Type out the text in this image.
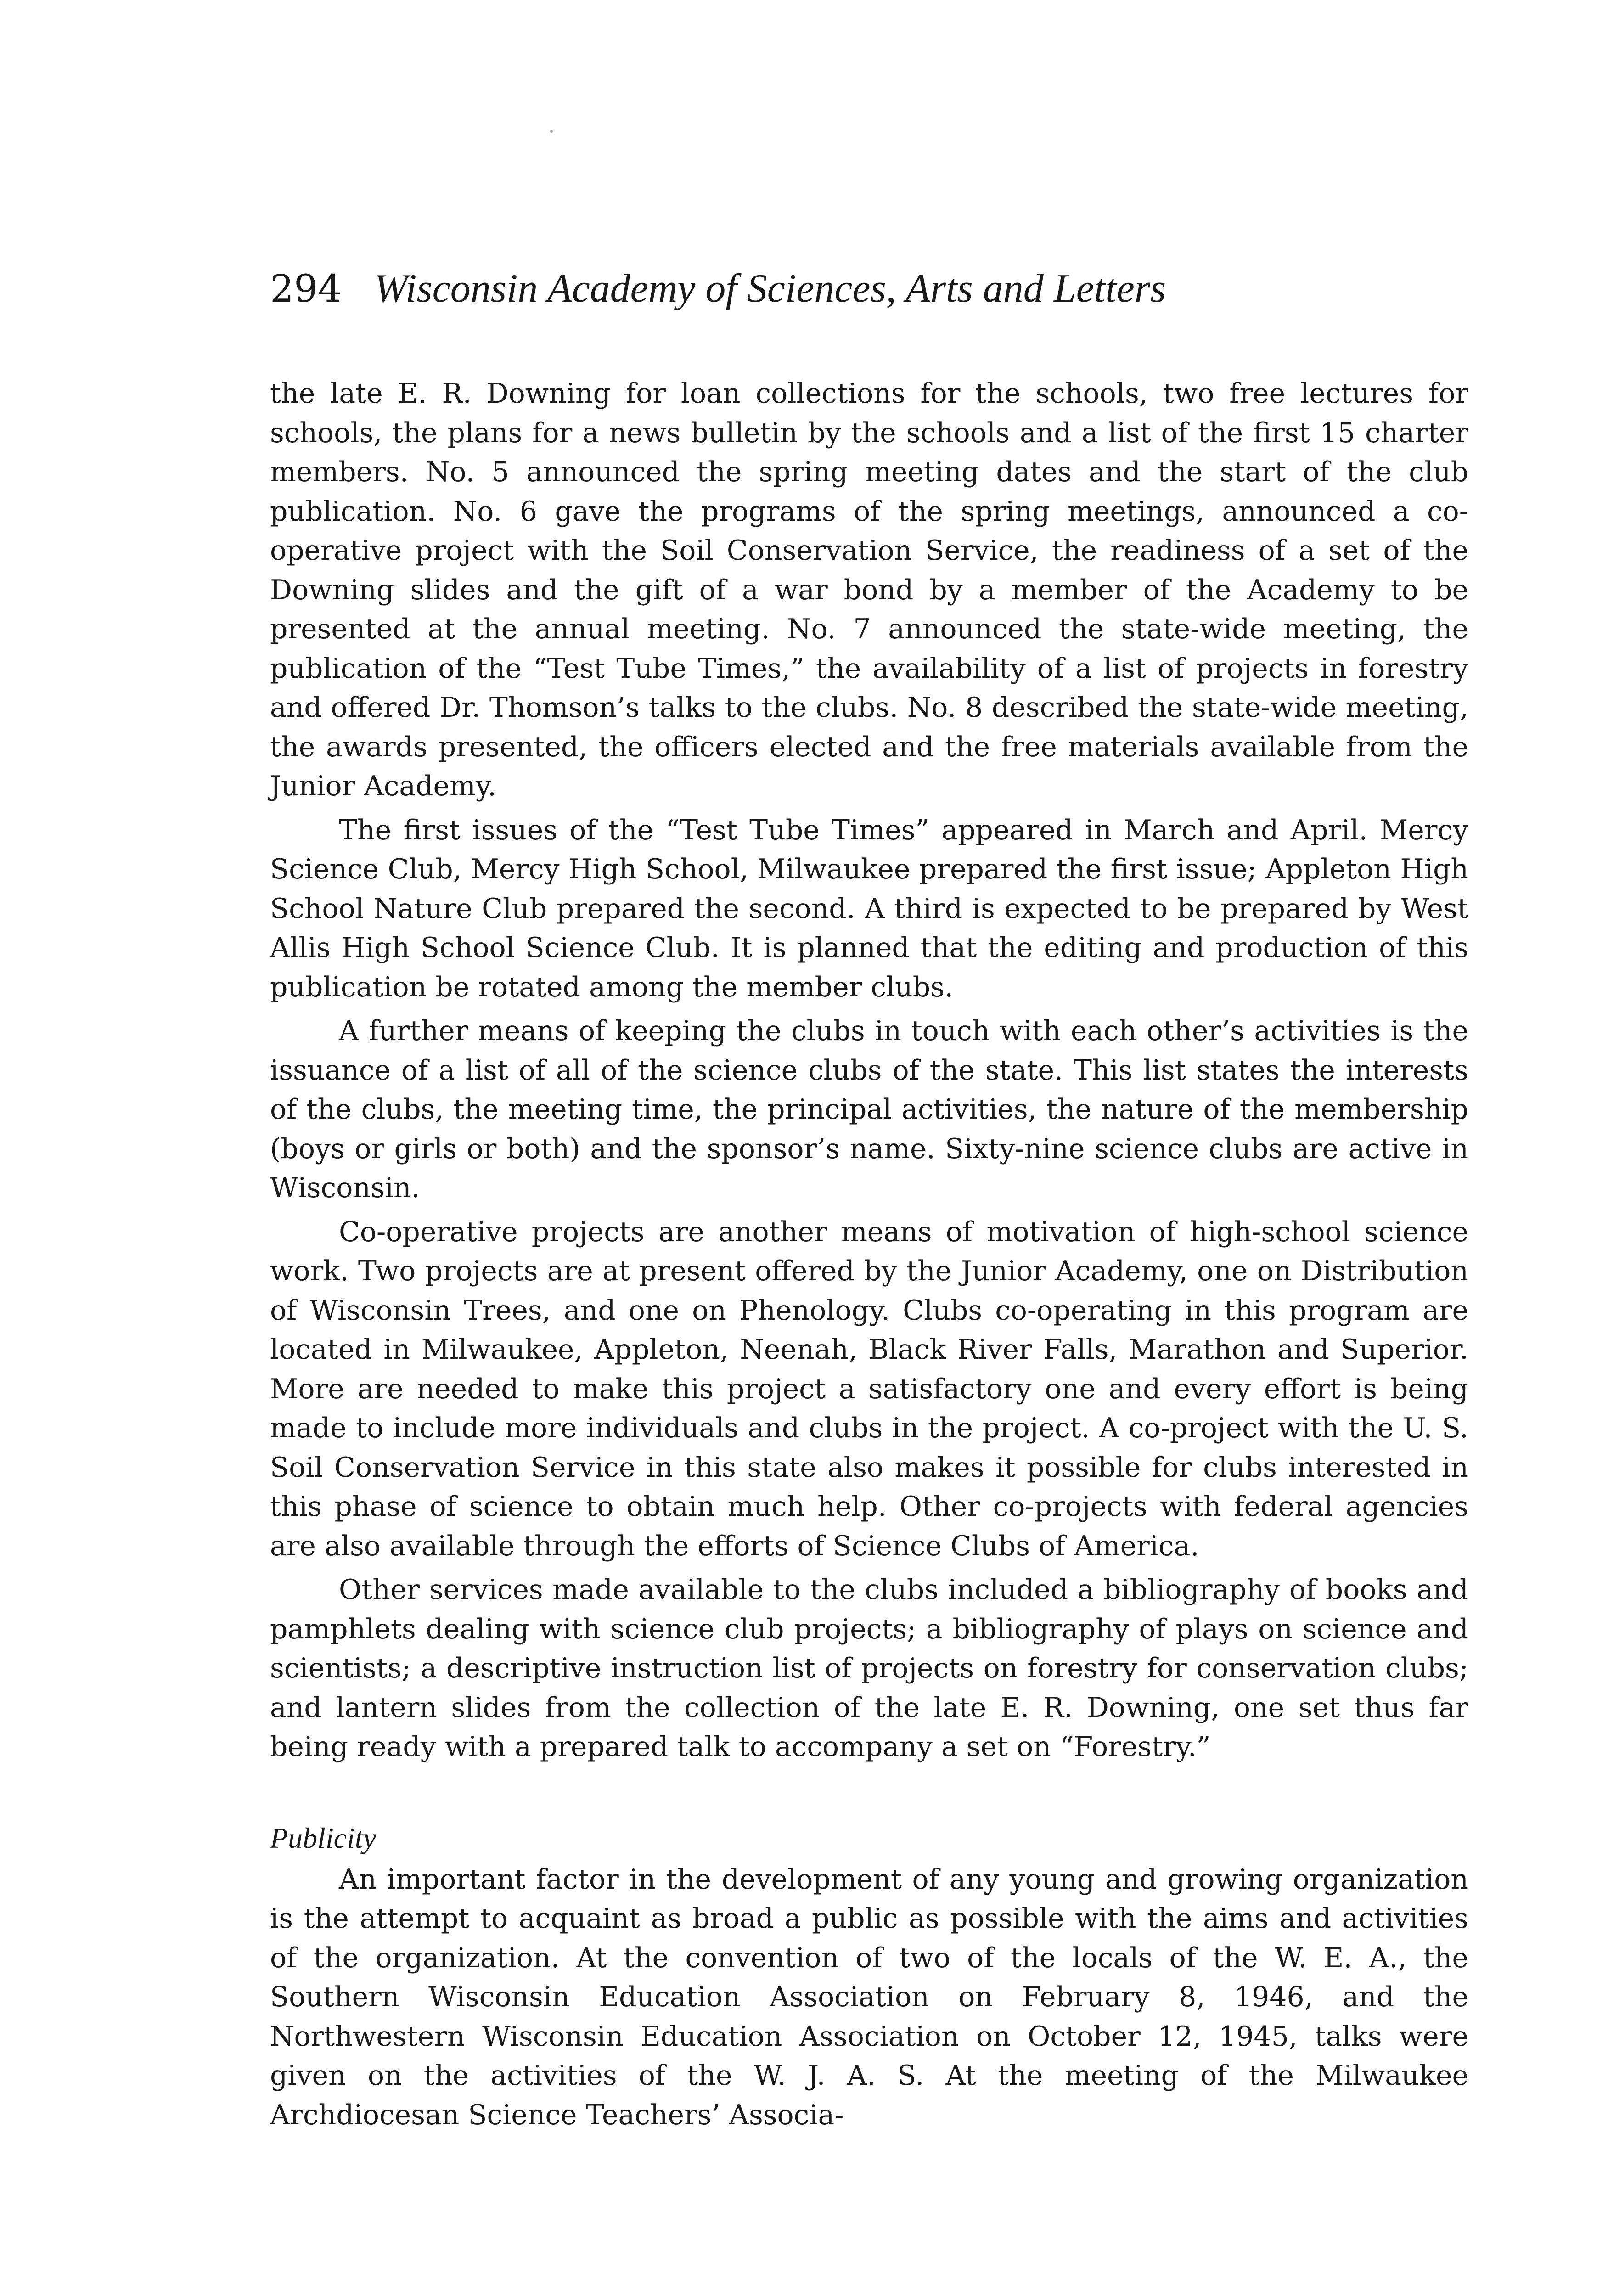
294 Wisconsin Academy of Sciences, Arts and Letters

the late E. R. Downing for loan collections for the schools, two free lectures for schools, the plans for a news bulletin by the schools and a list of the first 15 charter members. No. 5 announced the spring meeting dates and the start of the club publication. No. 6 gave the programs of the spring meetings, announced a co-operative project with the Soil Conservation Service, the readiness of a set of the Downing slides and the gift of a war bond by a member of the Academy to be presented at the annual meeting. No. 7 announced the state-wide meeting, the publication of the “Test Tube Times,” the availability of a list of projects in forestry and offered Dr. Thomson’s talks to the clubs. No. 8 described the state-wide meeting, the awards presented, the officers elected and the free materials available from the Junior Academy.

The first issues of the “Test Tube Times” appeared in March and April. Mercy Science Club, Mercy High School, Milwaukee prepared the first issue; Appleton High School Nature Club prepared the second. A third is expected to be prepared by West Allis High School Science Club. It is planned that the editing and production of this publication be rotated among the member clubs.

A further means of keeping the clubs in touch with each other’s activities is the issuance of a list of all of the science clubs of the state. This list states the interests of the clubs, the meeting time, the principal activities, the nature of the membership (boys or girls or both) and the sponsor’s name. Sixty-nine science clubs are active in Wisconsin.

Co-operative projects are another means of motivation of high-school science work. Two projects are at present offered by the Junior Academy, one on Distribution of Wisconsin Trees, and one on Phenology. Clubs co-operating in this program are located in Milwaukee, Appleton, Neenah, Black River Falls, Marathon and Superior. More are needed to make this project a satisfactory one and every effort is being made to include more individuals and clubs in the project. A co-project with the U. S. Soil Conservation Service in this state also makes it possible for clubs interested in this phase of science to obtain much help. Other co-projects with federal agencies are also available through the efforts of Science Clubs of America.

Other services made available to the clubs included a bibliography of books and pamphlets dealing with science club projects; a bibliography of plays on science and scientists; a descriptive instruction list of projects on forestry for conservation clubs; and lantern slides from the collection of the late E. R. Downing, one set thus far being ready with a prepared talk to accompany a set on “Forestry.”

Publicity

An important factor in the development of any young and growing organization is the attempt to acquaint as broad a public as possible with the aims and activities of the organization. At the convention of two of the locals of the W. E. A., the Southern Wisconsin Education Association on February 8, 1946, and the Northwestern Wisconsin Education Association on October 12, 1945, talks were given on the activities of the W. J. A. S. At the meeting of the Milwaukee Archdiocesan Science Teachers’ Associa-
